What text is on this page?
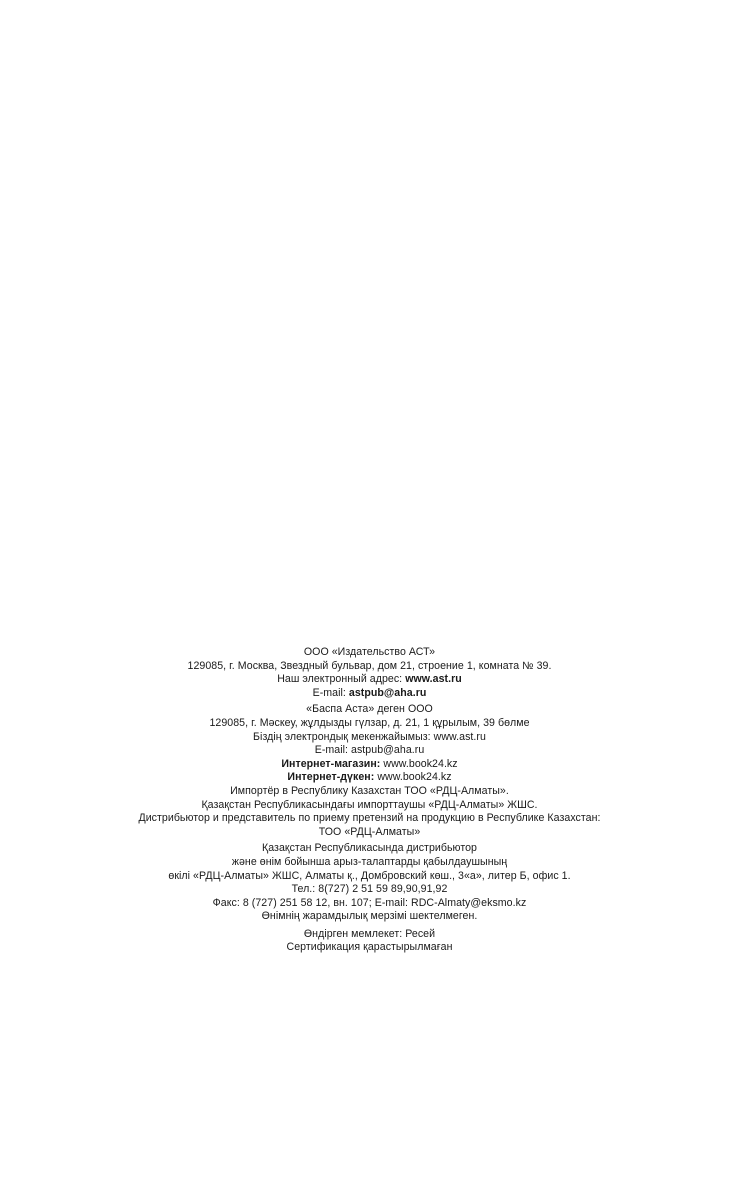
ООО «Издательство АСТ»
129085, г. Москва, Звездный бульвар, дом 21, строение 1, комната № 39.
Наш электронный адрес: www.ast.ru
E-mail: astpub@aha.ru
«Баспа Аста» деген ООО
129085, г. Мәскеу, жұлдызды гүлзар, д. 21, 1 құрылым, 39 бөлме
Біздің электрондық мекенжайымыз: www.ast.ru
E-mail: astpub@aha.ru
Интернет-магазин: www.book24.kz
Интернет-дүкен: www.book24.kz
Импортёр в Республику Казахстан ТОО «РДЦ-Алматы».
Қазақстан Республикасындағы импорттаушы «РДЦ-Алматы» ЖШС.
Дистрибьютор и представитель по приему претензий на продукцию в Республике Казахстан:
ТОО «РДЦ-Алматы»
Қазақстан Республикасында дистрибьютор
және өнім бойынша арыз-талаптарды қабылдаушының
өкілі «РДЦ-Алматы» ЖШС, Алматы қ., Домбровский көш., 3«а», литер Б, офис 1.
Тел.: 8(727) 2 51 59 89,90,91,92
Факс: 8 (727) 251 58 12, вн. 107; E-mail: RDC-Almaty@eksmo.kz
Өнімнің жарамдылық мерзімі шектелмеген.
Өндірген мемлекет: Ресей
Сертификация қарастырылмаған
